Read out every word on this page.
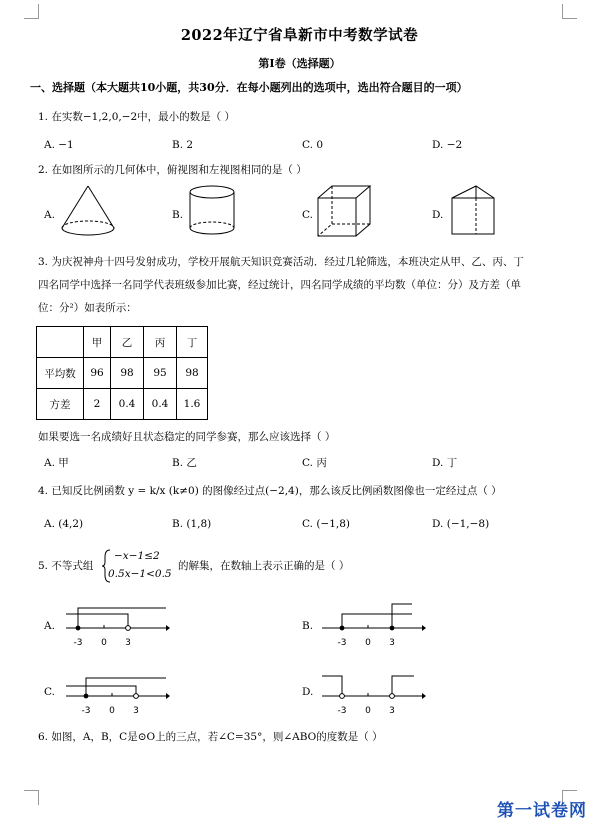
2022年辽宁省阜新市中考数学试卷
第Ⅰ卷（选择题）
一、选择题（本大题共10小题，共30分．在每小题列出的选项中，选出符合题目的一项）
1. 在实数−1,2,0,−2中，最小的数是（ ）
A. −1	B. 2	C. 0	D. −2
2. 在如图所示的几何体中，俯视图和左视图相同的是（ ）
A.	B.	C.	D.
3. 为庆祝神舟十四号发射成功，学校开展航天知识竞赛活动．经过几轮筛选，本班决定从甲、乙、丙、丁
四名同学中选择一名同学代表班级参加比赛，经过统计，四名同学成绩的平均数（单位：分）及方差（单
位：分²）如表所示：
	甲	乙	丙	丁
平均数	96	98	95	98
方差	2	0.4	0.4	1.6
如果要选一名成绩好且状态稳定的同学参赛，那么应该选择（ ）
A. 甲	B. 乙	C. 丙	D. 丁
4. 已知反比例函数 y = k/x (k≠0) 的图像经过点(−2,4)，那么该反比例函数图像也一定经过点（ ）
A. (4,2)	B. (1,8)	C. (−1,8)	D. (−1,−8)
5. 不等式组
−x−1≤2
0.5x−1<0.5
的解集，在数轴上表示正确的是（ ）
A.	B.
C.	D.
-3 0 3	-3 0 3
-3 0 3	-3 0 3
6. 如图，A，B，C是⊙O上的三点，若∠C=35°，则∠ABO的度数是（ ）
第一试卷网
